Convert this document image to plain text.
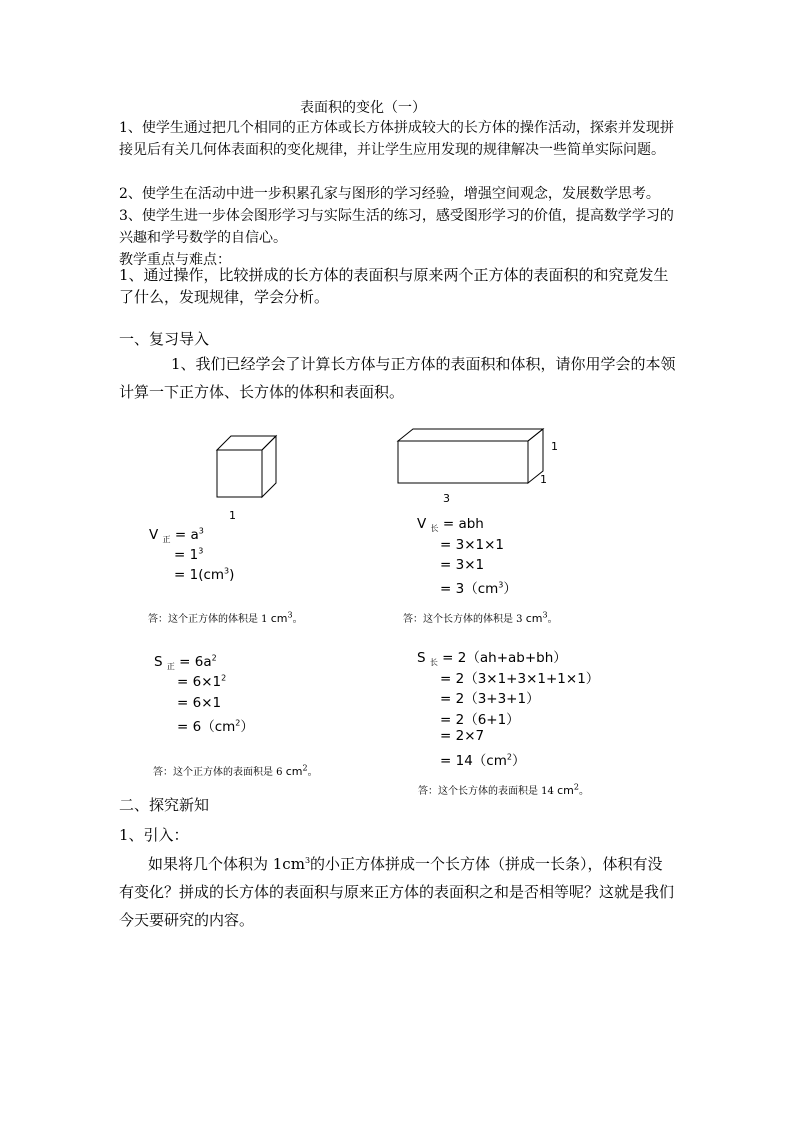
表面积的变化（一）
1、使学生通过把几个相同的正方体或长方体拼成较大的长方体的操作活动，探索并发现拼接见后有关几何体表面积的变化规律，并让学生应用发现的规律解决一些简单实际问题。
2、使学生在活动中进一步积累孔家与图形的学习经验，增强空间观念，发展数学思考。
3、使学生进一步体会图形学习与实际生活的练习，感受图形学习的价值，提高数学学习的兴趣和学号数学的自信心。
教学重点与难点：
1、通过操作，比较拼成的长方体的表面积与原来两个正方体的表面积的和究竟发生了什么，发现规律，学会分析。
一、复习导入
1、我们已经学会了计算长方体与正方体的表面积和体积，请你用学会的本领计算一下正方体、长方体的体积和表面积。
1
1
1
3
V $_正 = a^3$
= $1^3$
= $1(cm^3)$
答：这个正方体的体积是 1 $cm^3$。
V $_长$ = abh
= 3×1×1
= 3×1
= $3(cm^3)$
答：这个长方体的体积是 3 $cm^3$。
S $_正 = 6a^2$
= $6\times 1^2$
= 6×1
= $6(cm^2)$
答：这个正方体的表面积是 6 $cm^2$。
S $_长$ = 2（ah+ab+bh）
= 2（3×1+3×1+1×1）
= 2（3+3+1）
= 2（6+1）
= 2×7
= $14(cm^2)$
答：这个长方体的表面积是 14 $cm^2$。
二、探究新知
1、引入：
如果将几个体积为 $1cm^3$的小正方体拼成一个长方体（拼成一长条），体积有没有变化？拼成的长方体的表面积与原来正方体的表面积之和是否相等呢？这就是我们今天要研究的内容。
